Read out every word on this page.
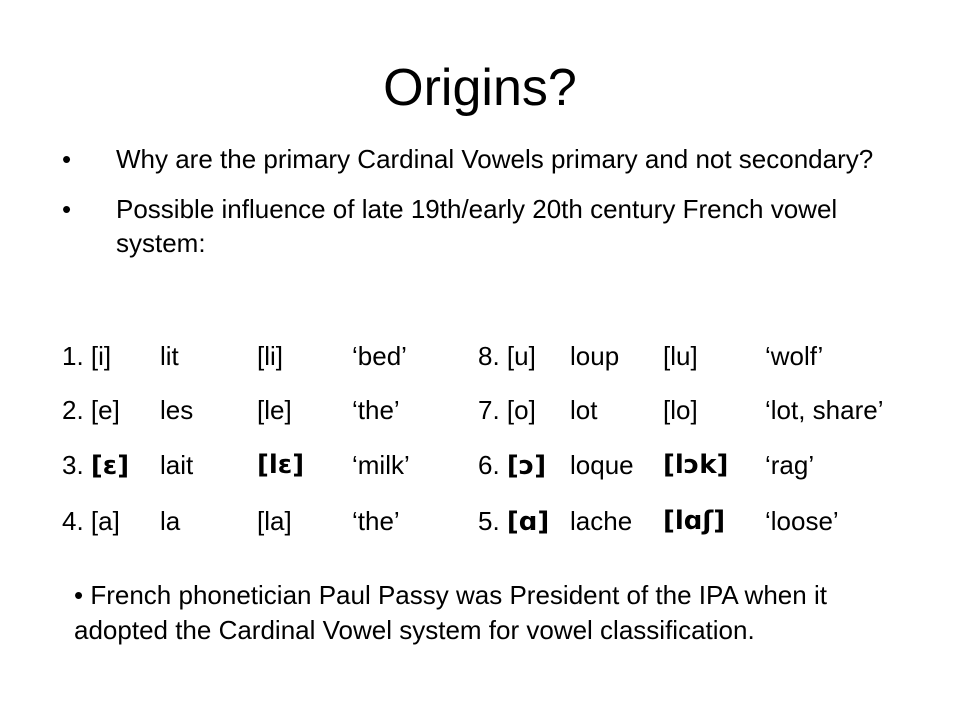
Origins?
• Why are the primary Cardinal Vowels primary and not secondary?
• Possible influence of late 19th/early 20th century French vowel system:
1. [i] lit	[li]	‘bed’	8. [u] loup [lu]	‘wolf’
2. [e] les [le] ‘the’	7. [o] lot	[lo]	‘lot, share’
3. [ɛ] lait [lɛ] ‘milk’	6. [ɔ] loque [lɔk] ‘rag’
4. [a] la	[la] ‘the’	5. [ɑ] lache [lɑʃ] ‘loose’
• French phonetician Paul Passy was President of the IPA when it adopted the Cardinal Vowel system for vowel classification.
